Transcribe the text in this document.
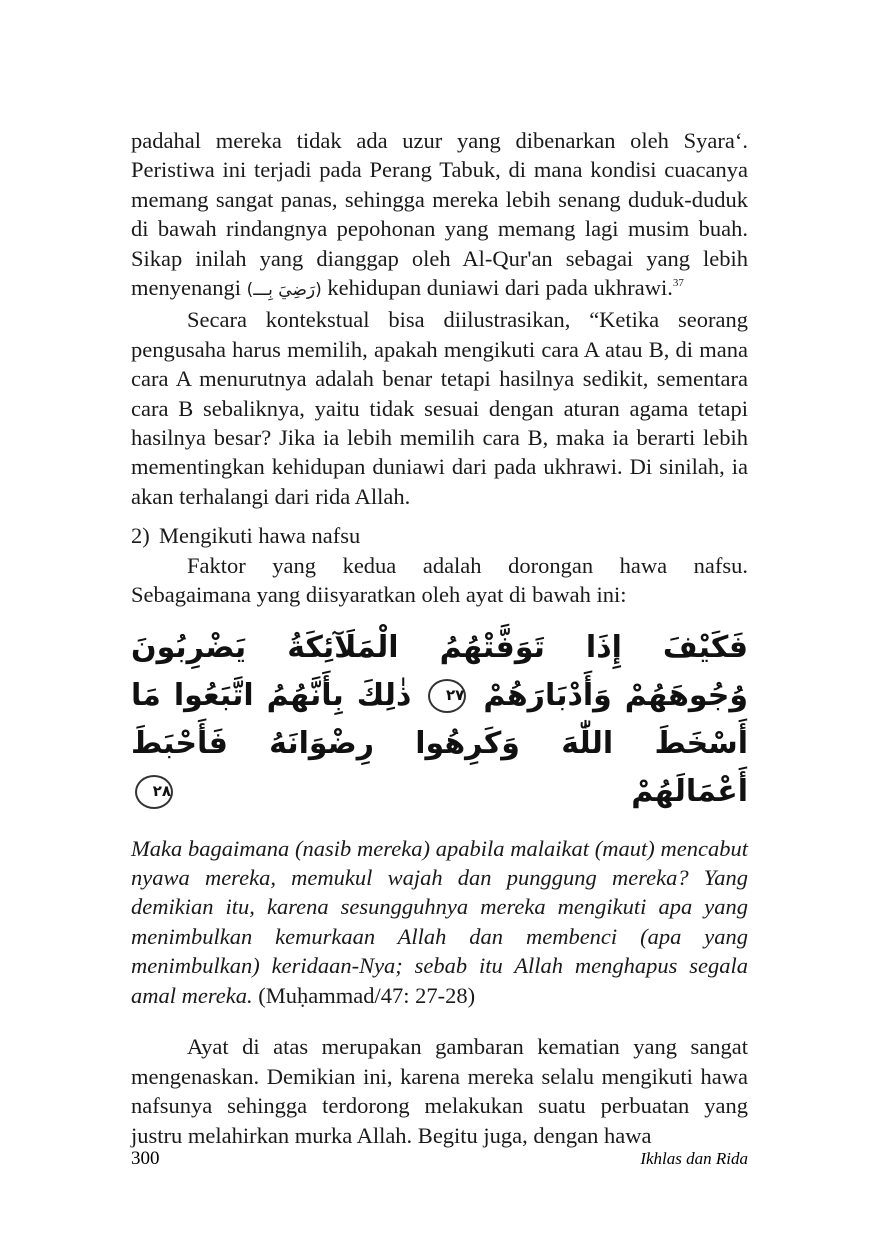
padahal mereka tidak ada uzur yang dibenarkan oleh Syara‘. Peristiwa ini terjadi pada Perang Tabuk, di mana kondisi cuacanya memang sangat panas, sehingga mereka lebih senang duduk-duduk di bawah rindangnya pepohonan yang memang lagi musim buah. Sikap inilah yang dianggap oleh Al-Qur'an sebagai yang lebih menyenangi (رَضِيَ بِـــ) kehidupan duniawi dari pada ukhrawi.$^{37}$

Secara kontekstual bisa diilustrasikan, “Ketika seorang pengusaha harus memilih, apakah mengikuti cara A atau B, di mana cara A menurutnya adalah benar tetapi hasilnya sedikit, sementara cara B sebaliknya, yaitu tidak sesuai dengan aturan agama tetapi hasilnya besar? Jika ia lebih memilih cara B, maka ia berarti lebih mementingkan kehidupan duniawi dari pada ukhrawi. Di sinilah, ia akan terhalangi dari rida Allah.

2) Mengikuti hawa nafsu

Faktor yang kedua adalah dorongan hawa nafsu. Sebagaimana yang diisyaratkan oleh ayat di bawah ini:

فَكَيْفَ إِذَا تَوَفَّتْهُمُ الْمَلَآئِكَةُ يَضْرِبُونَ وُجُوهَهُمْ وَأَدْبَارَهُمْ ٢٧ ذٰلِكَ بِأَنَّهُمُ اتَّبَعُوا مَا أَسْخَطَ اللّٰهَ وَكَرِهُوا رِضْوَانَهُ فَأَحْبَطَ أَعْمَالَهُمْ ٢٨

Maka bagaimana (nasib mereka) apabila malaikat (maut) mencabut nyawa mereka, memukul wajah dan punggung mereka? Yang demikian itu, karena sesungguhnya mereka mengikuti apa yang menimbulkan kemurkaan Allah dan membenci (apa yang menimbulkan) keridaan-Nya; sebab itu Allah menghapus segala amal mereka. (Muḥammad/47: 27-28)

Ayat di atas merupakan gambaran kematian yang sangat mengenaskan. Demikian ini, karena mereka selalu mengikuti hawa nafsunya sehingga terdorong melakukan suatu perbuatan yang justru melahirkan murka Allah. Begitu juga, dengan hawa

300	Ikhlas dan Rida
